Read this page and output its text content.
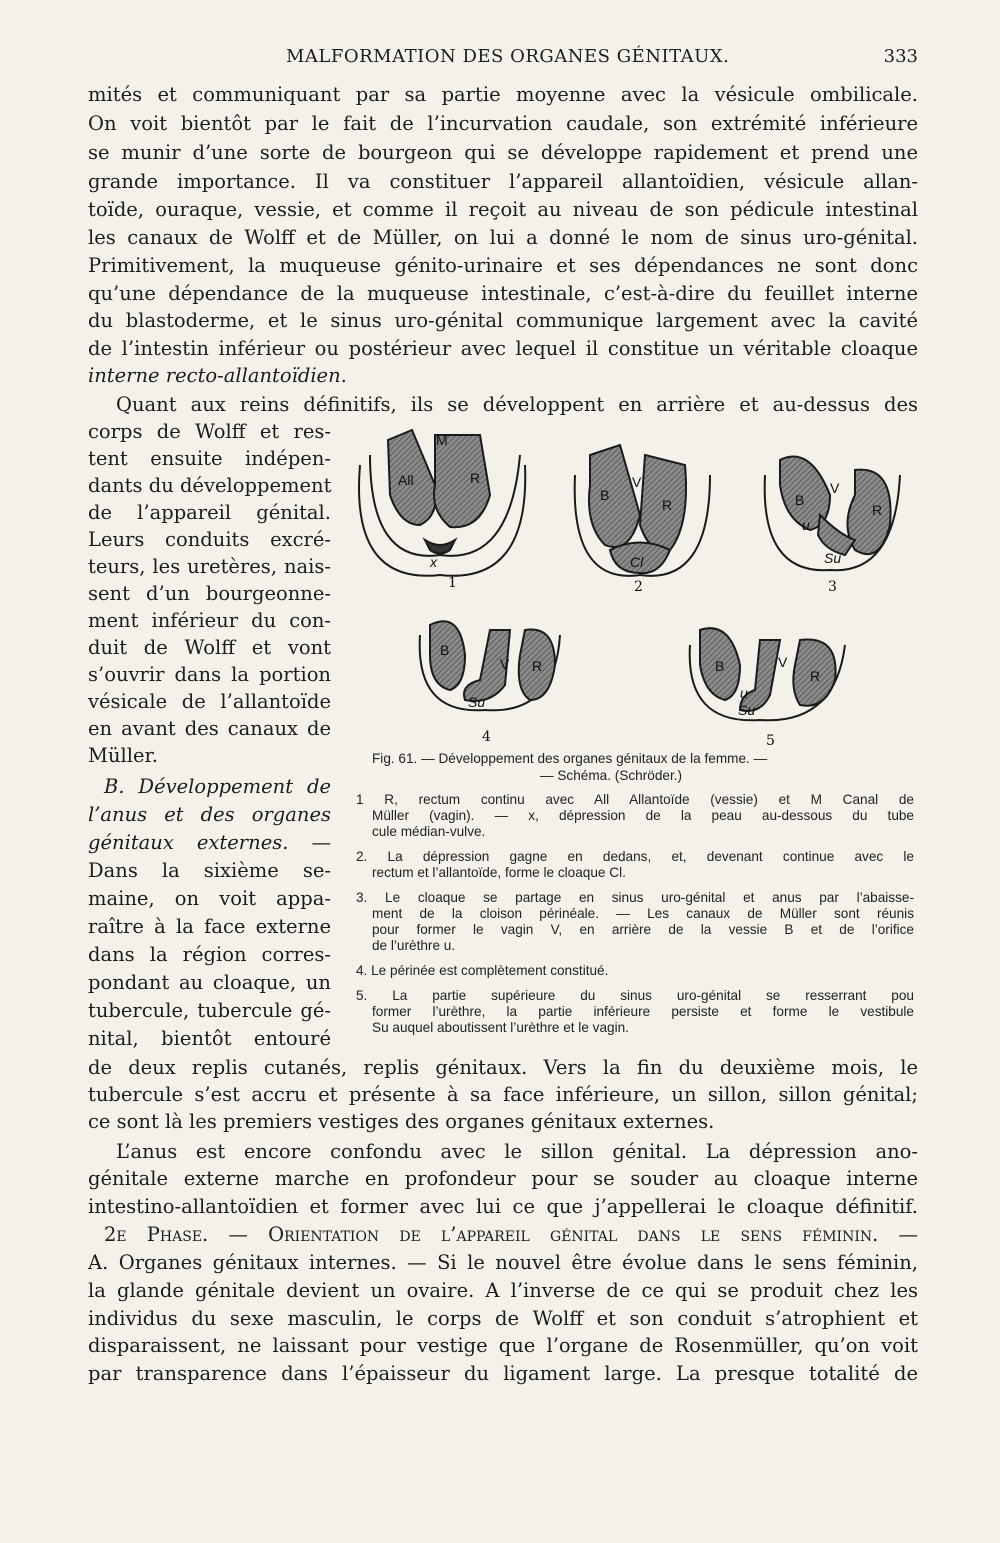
MALFORMATION DES ORGANES GÉNITAUX.	333
mités et communiquant par sa partie moyenne avec la vésicule ombilicale.
On voit bientôt par le fait de l’incurvation caudale, son extrémité inférieure
se munir d’une sorte de bourgeon qui se développe rapidement et prend une
grande importance. Il va constituer l’appareil allantoïdien, vésicule allan-
toïde, ouraque, vessie, et comme il reçoit au niveau de son pédicule intestinal
les canaux de Wolff et de Müller, on lui a donné le nom de sinus uro-génital.
Primitivement, la muqueuse génito-urinaire et ses dépendances ne sont donc
qu’une dépendance de la muqueuse intestinale, c’est-à-dire du feuillet interne
du blastoderme, et le sinus uro-génital communique largement avec la cavité
de l’intestin inférieur ou postérieur avec lequel il constitue un véritable cloaque
interne recto-allantoïdien.
Quant aux reins définitifs, ils se développent en arrière et au-dessus des
corps de Wolff et res-
tent ensuite indépen-
dants du développement
de l’appareil génital.
Leurs conduits excré-
teurs, les uretères, nais-
sent d’un bourgeonne-
ment inférieur du con-
duit de Wolff et vont
s’ouvrir dans la portion
vésicale de l’allantoïde
en avant des canaux de
Müller.
B. Développement de
l’anus et des organes
génitaux externes. —
Dans la sixième se-
maine, on voit appa-
raître à la face externe
dans la région corres-
pondant au cloaque, un
tubercule, tubercule gé-
nital, bientôt entouré
M
All	R
x
B
V
R
Cl
B
V
R
u
Su
B
V R
Su
B	V
R
u
Su
1	2	3
4	5
Fig. 61. — Développement des organes génitaux de la femme. —
— Schéma. (Schröder.)
1 R, rectum continu avec All Allantoïde (vessie) et M Canal de
Müller (vagin). — x, dépression de la peau au-dessous du tube
cule médian-vulve.
2. La dépression gagne en dedans, et, devenant continue avec le
rectum et l’allantoïde, forme le cloaque Cl.
3. Le cloaque se partage en sinus uro-génital et anus par l’abaisse-
ment de la cloison périnéale. — Les canaux de Müller sont réunis
pour former le vagin V, en arrière de la vessie B et de l’orifice
de l’urèthre u.
4. Le périnée est complètement constitué.
5. La partie supérieure du sinus uro-génital se resserrant pou
former l’urèthre, la partie inférieure persiste et forme le vestibule
Su auquel aboutissent l’urèthre et le vagin.
de deux replis cutanés, replis génitaux. Vers la fin du deuxième mois, le
tubercule s’est accru et présente à sa face inférieure, un sillon, sillon génital;
ce sont là les premiers vestiges des organes génitaux externes.
L’anus est encore confondu avec le sillon génital. La dépression ano-
génitale externe marche en profondeur pour se souder au cloaque interne
intestino-allantoïdien et former avec lui ce que j’appellerai le cloaque définitif.
2e Phase. — Orientation de l’appareil génital dans le sens féminin. —
A. Organes génitaux internes. — Si le nouvel être évolue dans le sens féminin,
la glande génitale devient un ovaire. A l’inverse de ce qui se produit chez les
individus du sexe masculin, le corps de Wolff et son conduit s’atrophient et
disparaissent, ne laissant pour vestige que l’organe de Rosenmüller, qu’on voit
par transparence dans l’épaisseur du ligament large. La presque totalité de
